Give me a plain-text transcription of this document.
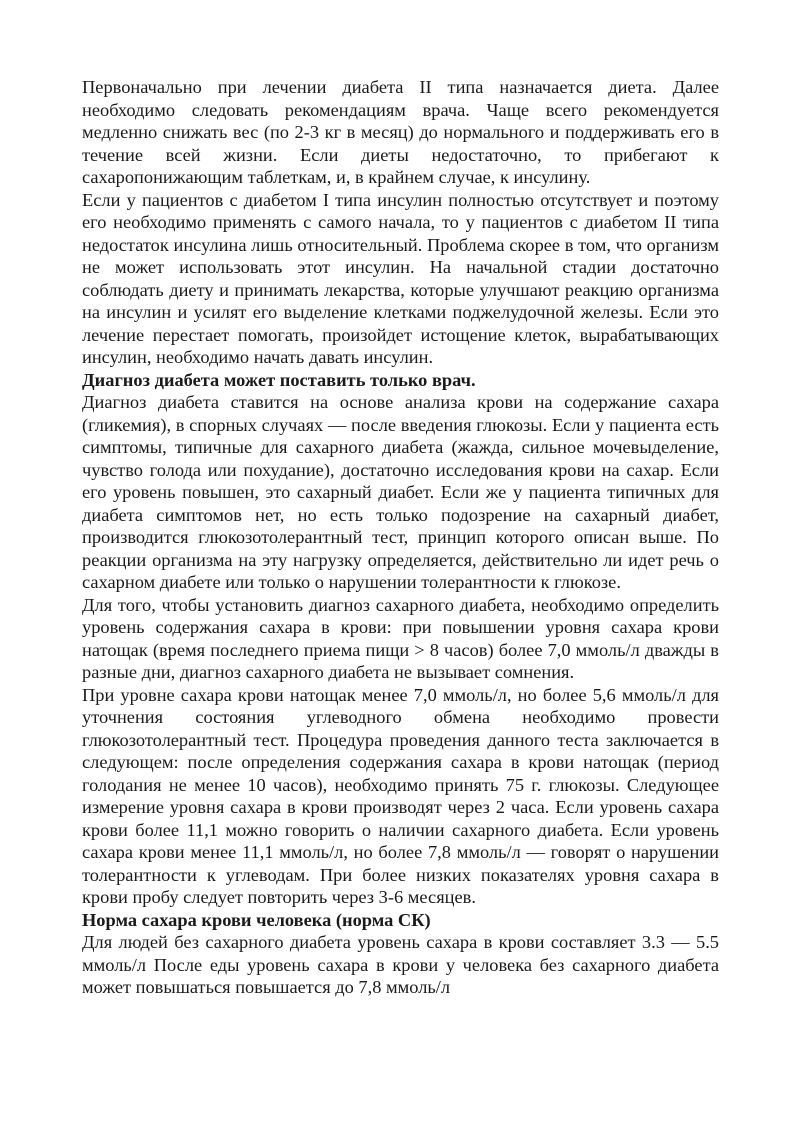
Первоначально при лечении диабета II типа назначается диета. Далее необходимо следовать рекомендациям врача. Чаще всего рекомендуется медленно снижать вес (по 2-3 кг в месяц) до нормального и поддерживать его в течение всей жизни. Если диеты недостаточно, то прибегают к сахаропонижающим таблеткам, и, в крайнем случае, к инсулину.

Если у пациентов с диабетом I типа инсулин полностью отсутствует и поэтому его необходимо применять с самого начала, то у пациентов с диабетом II типа недостаток инсулина лишь относительный. Проблема скорее в том, что организм не может использовать этот инсулин. На начальной стадии достаточно соблюдать диету и принимать лекарства, которые улучшают реакцию организма на инсулин и усилят его выделение клетками поджелудочной железы. Если это лечение перестает помогать, произойдет истощение клеток, вырабатывающих инсулин, необходимо начать давать инсулин.

Диагноз диабета может поставить только врач.

Диагноз диабета ставится на основе анализа крови на содержание сахара (гликемия), в спорных случаях — после введения глюкозы. Если у пациента есть симптомы, типичные для сахарного диабета (жажда, сильное мочевыделение, чувство голода или похудание), достаточно исследования крови на сахар. Если его уровень повышен, это сахарный диабет. Если же у пациента типичных для диабета симптомов нет, но есть только подозрение на сахарный диабет, производится глюкозотолерантный тест, принцип которого описан выше. По реакции организма на эту нагрузку определяется, действительно ли идет речь о сахарном диабете или только о нарушении толерантности к глюкозе.

Для того, чтобы установить диагноз сахарного диабета, необходимо определить уровень содержания сахара в крови: при повышении уровня сахара крови натощак (время последнего приема пищи > 8 часов) более 7,0 ммоль/л дважды в разные дни, диагноз сахарного диабета не вызывает сомнения.

При уровне сахара крови натощак менее 7,0 ммоль/л, но более 5,6 ммоль/л для уточнения состояния углеводного обмена необходимо провести глюкозотолерантный тест. Процедура проведения данного теста заключается в следующем: после определения содержания сахара в крови натощак (период голодания не менее 10 часов), необходимо принять 75 г. глюкозы. Следующее измерение уровня сахара в крови производят через 2 часа. Если уровень сахара крови более 11,1 можно говорить о наличии сахарного диабета. Если уровень сахара крови менее 11,1 ммоль/л, но более 7,8 ммоль/л — говорят о нарушении толерантности к углеводам. При более низких показателях уровня сахара в крови пробу следует повторить через 3-6 месяцев.

Норма сахара крови человека (норма СК)

Для людей без сахарного диабета уровень сахара в крови составляет 3.3 — 5.5 ммоль/л После еды уровень сахара в крови у человека без сахарного диабета может повышаться повышается до 7,8 ммоль/л
